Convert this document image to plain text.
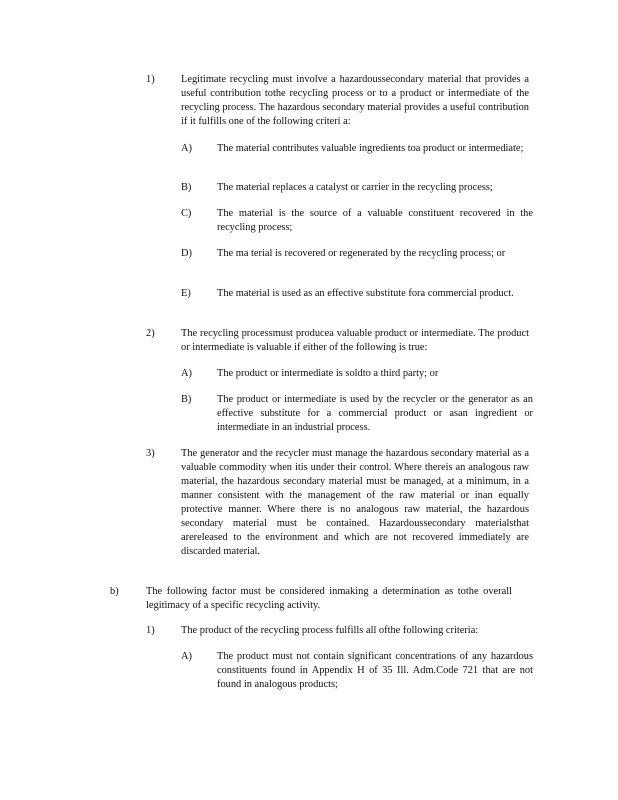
1)	Legitimate recycling must involve a hazardoussecondary material that provides a useful contribution tothe recycling process or to a product or intermediate of the recycling process. The hazardous secondary material provides a useful contribution if it fulfills one of the following criteri a:
A) The material contributes valuable ingredients toa product or intermediate;
B) The material replaces a catalyst or carrier in the recycling process;
C) The material is the source of a valuable constituent recovered in the recycling process;
D) The ma terial is recovered or regenerated by the recycling process; or
E)	The material is used as an effective substitute fora commercial product.
2)	The recycling processmust producea valuable product or intermediate. The product or intermediate is valuable if either of the following is true:
A) The product or intermediate is soldto a third party; or
B) The product or intermediate is used by the recycler or the generator as an effective substitute for a commercial product or asan ingredient or intermediate in an industrial process.
3)	The generator and the recycler must manage the hazardous secondary material as a valuable commodity when itis under their control. Where thereis an analogous raw material, the hazardous secondary material must be managed, at a minimum, in a manner consistent with the management of the raw material or inan equally protective manner. Where there is no analogous raw material, the hazardous secondary material must be contained. Hazardoussecondary materialsthat arereleased to the environment and which are not recovered immediately are discarded material.
b)	The following factor must be considered inmaking a determination as tothe overall legitimacy of a specific recycling activity.
1)	The product of the recycling process fulfills all ofthe following criteria:
A) The product must not contain significant concentrations of any hazardous constituents found in Appendix H of 35 Ill. Adm.Code 721 that are not found in analogous products;
